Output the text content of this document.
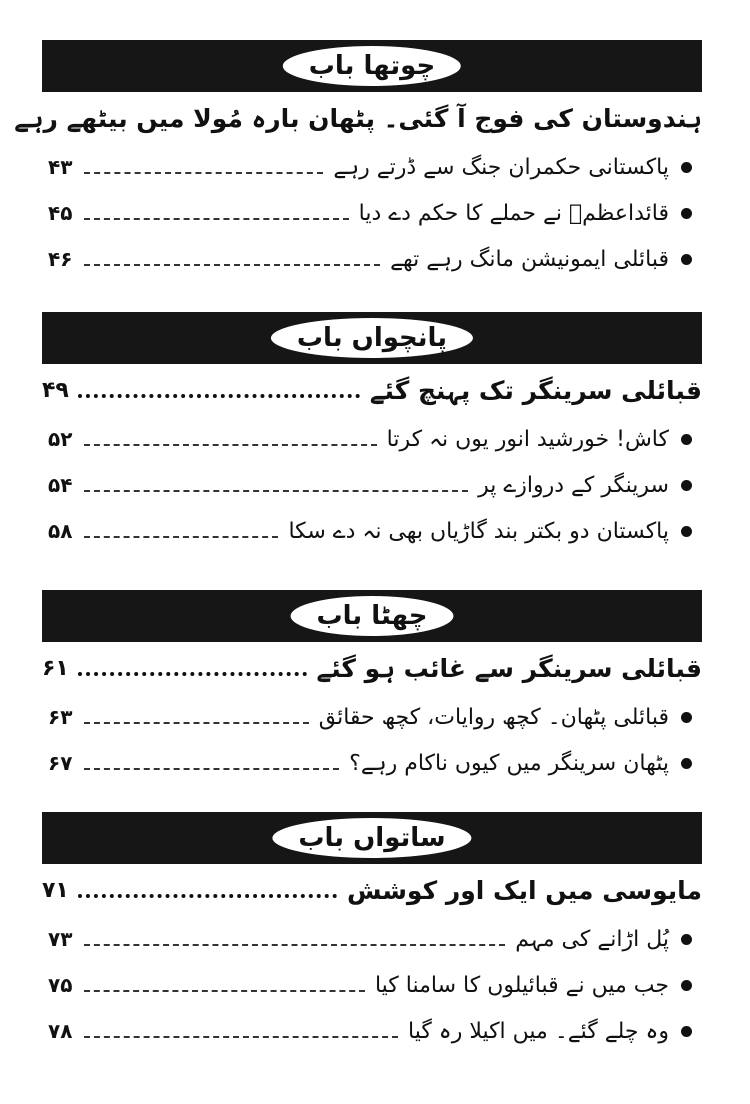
چوتھا باب
ہندوستان کی فوج آ گئی۔ پٹھان بارہ مُولا میں بیٹھے رہے
پاکستانی حکمران جنگ سے ڈرتے رہے
۴۳
قائداعظمؒ نے حملے کا حکم دے دیا
۴۵
قبائلی ایمونیشن مانگ رہے تھے
۴۶
پانچواں باب
قبائلی سرینگر تک پہنچ گئے
۴۹
کاش! خورشید انور یوں نہ کرتا
۵۲
سرینگر کے دروازے پر
۵۴
پاکستان دو بکتر بند گاڑیاں بھی نہ دے سکا
۵۸
چھٹا باب
قبائلی سرینگر سے غائب ہو گئے
۶۱
قبائلی پٹھان۔ کچھ روایات، کچھ حقائق
۶۳
پٹھان سرینگر میں کیوں ناکام رہے؟
۶۷
ساتواں باب
مایوسی میں ایک اور کوشش
۷۱
پُل اڑانے کی مہم
۷۳
جب میں نے قبائیلوں کا سامنا کیا
۷۵
وہ چلے گئے۔ میں اکیلا رہ گیا
۷۸
